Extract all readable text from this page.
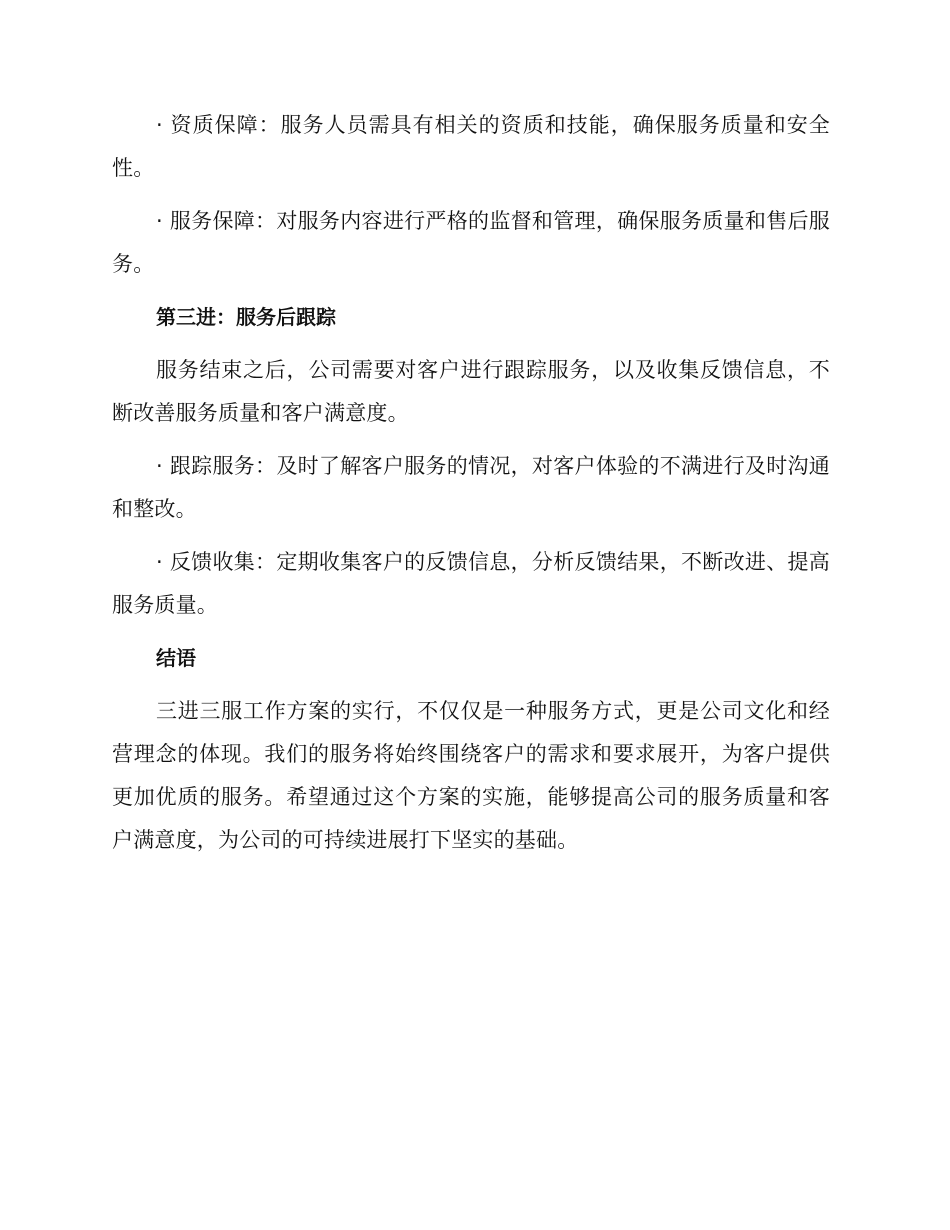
· 资质保障：服务人员需具有相关的资质和技能，确保服务质量和安全性。

· 服务保障：对服务内容进行严格的监督和管理，确保服务质量和售后服务。

第三进：服务后跟踪

服务结束之后，公司需要对客户进行跟踪服务，以及收集反馈信息，不断改善服务质量和客户满意度。

· 跟踪服务：及时了解客户服务的情况，对客户体验的不满进行及时沟通和整改。

· 反馈收集：定期收集客户的反馈信息，分析反馈结果，不断改进、提高服务质量。

结语

三进三服工作方案的实行，不仅仅是一种服务方式，更是公司文化和经营理念的体现。我们的服务将始终围绕客户的需求和要求展开，为客户提供更加优质的服务。希望通过这个方案的实施，能够提高公司的服务质量和客户满意度，为公司的可持续进展打下坚实的基础。
